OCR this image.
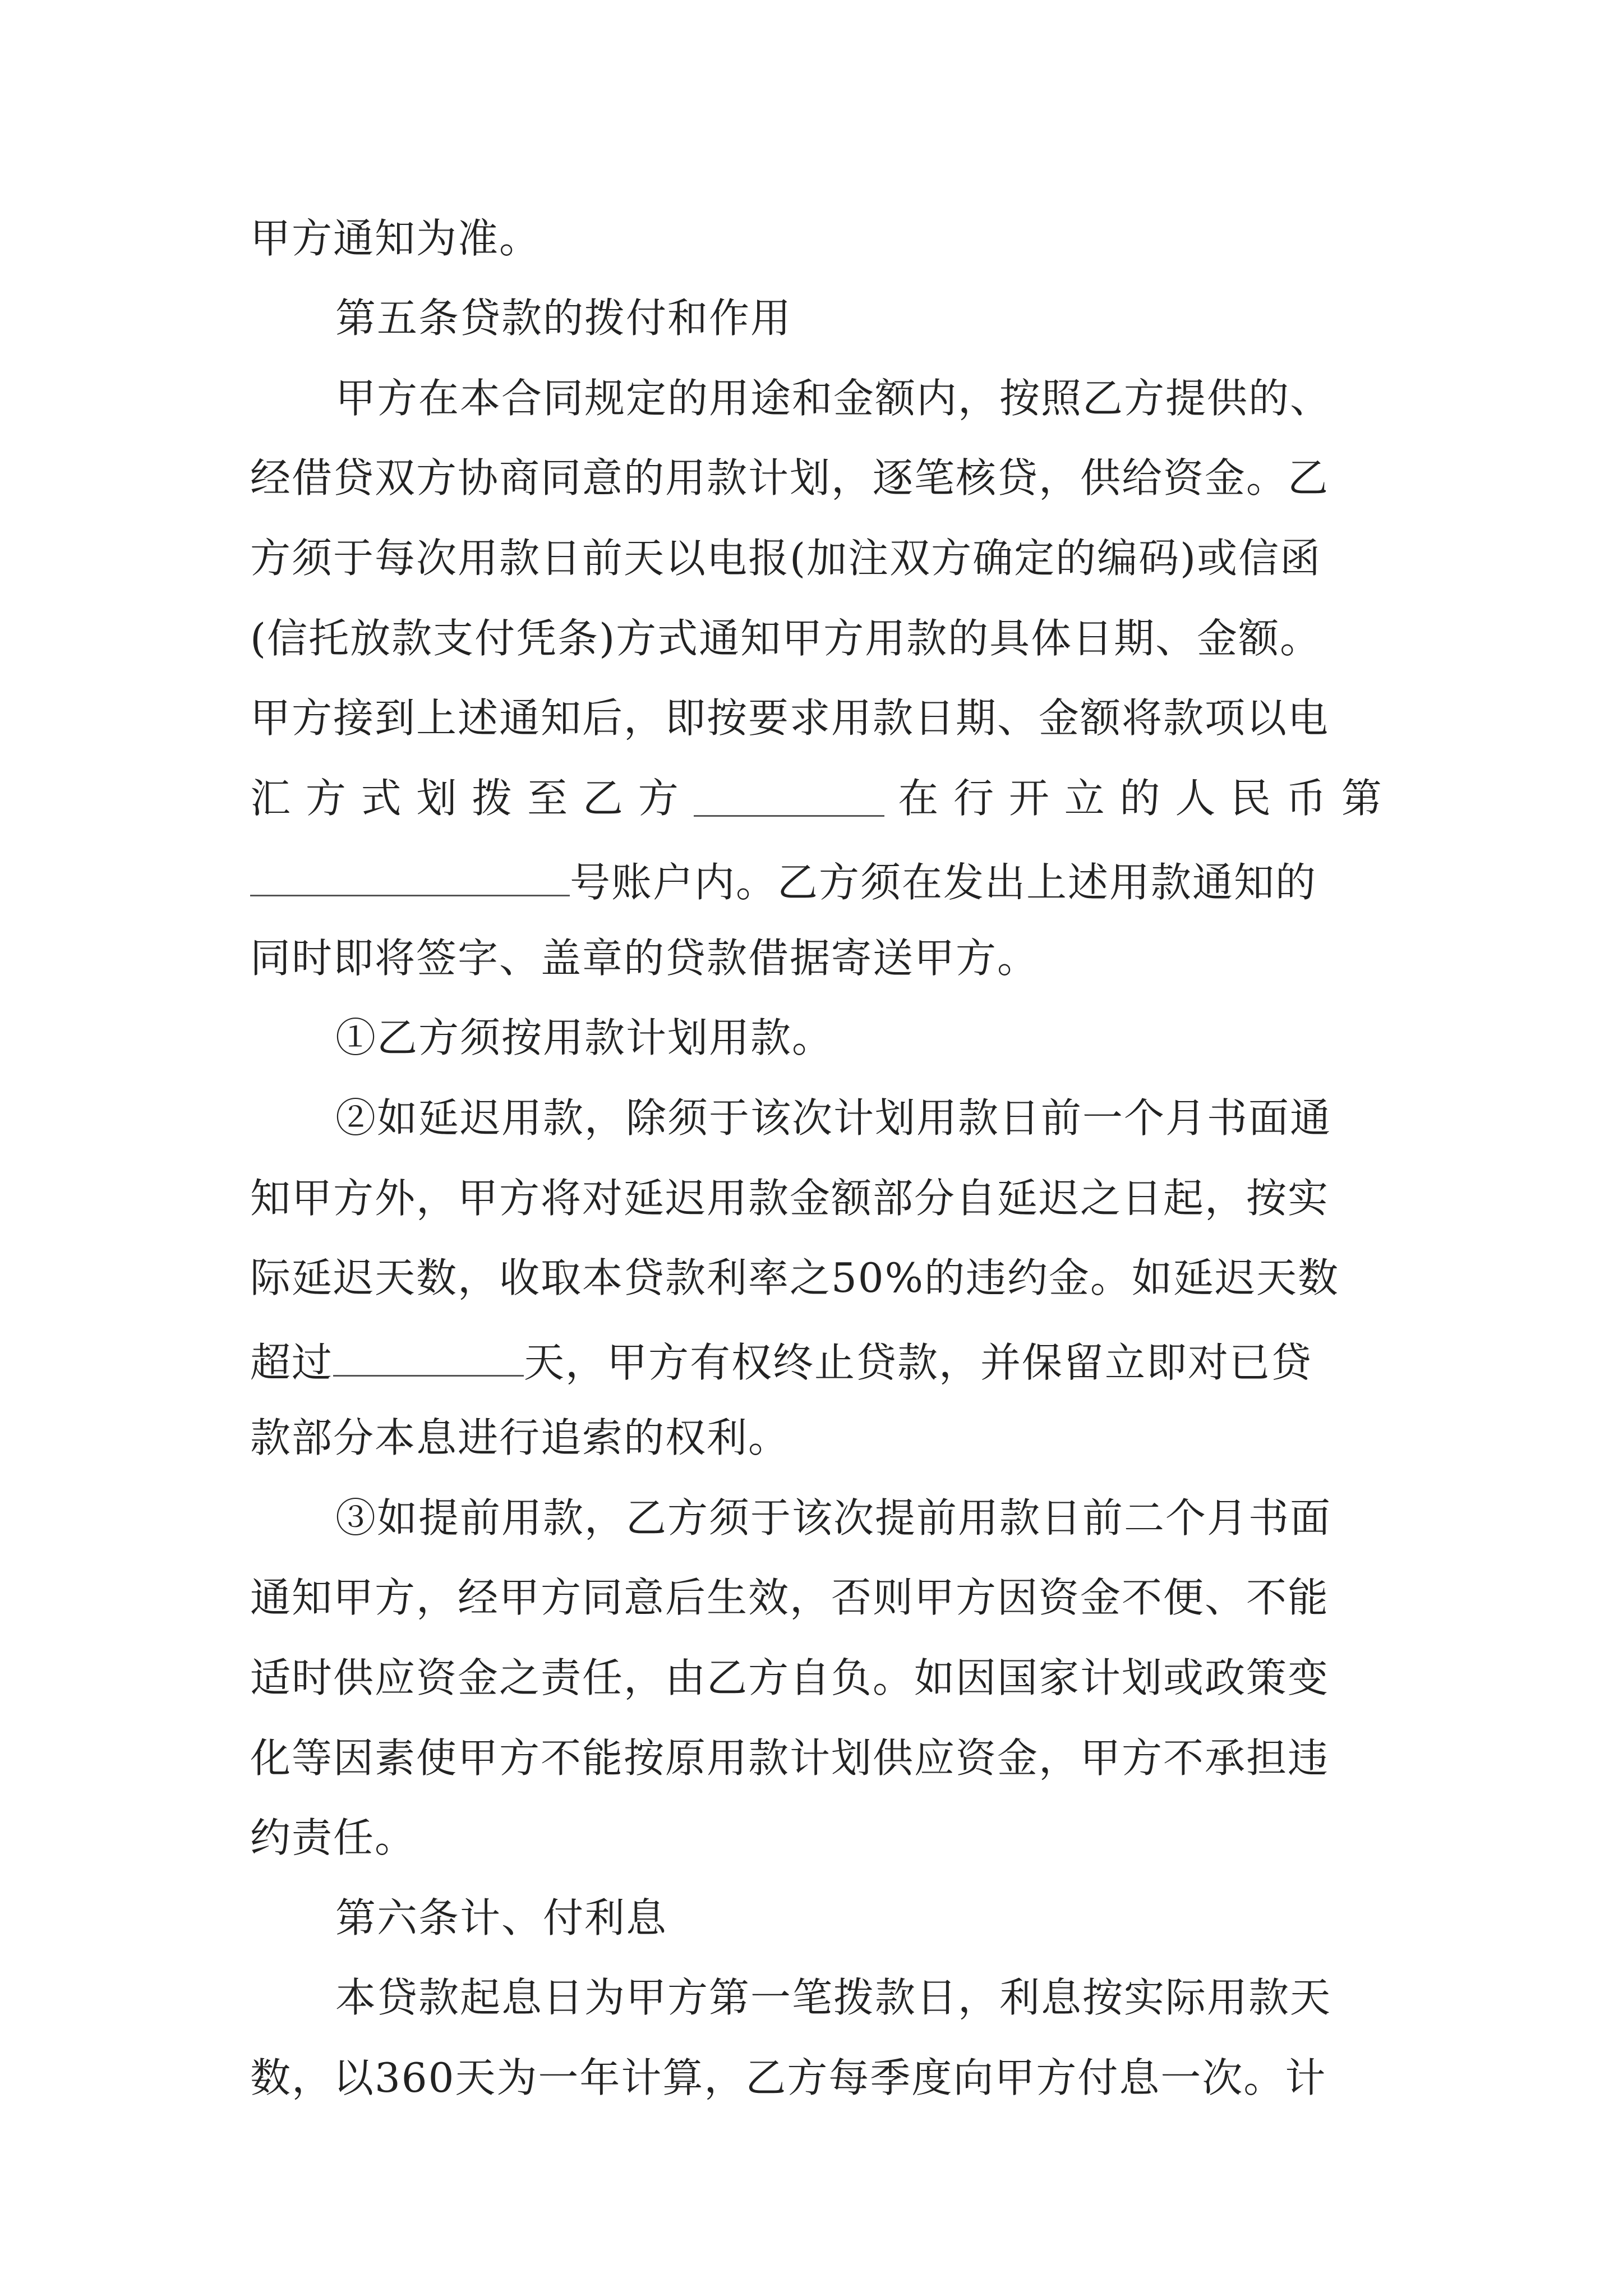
甲方通知为准。
第五条贷款的拨付和作用
甲方在本合同规定的用途和金额内，按照乙方提供的、
经借贷双方协商同意的用款计划，逐笔核贷，供给资金。乙
方须于每次用款日前天以电报(加注双方确定的编码)或信函
(信托放款支付凭条)方式通知甲方用款的具体日期、金额。
甲方接到上述通知后，即按要求用款日期、金额将款项以电
汇 方 式 划 拨 至 乙 方	在 行 开 立 的 人 民 币 第
号账户内。乙方须在发出上述用款通知的
同时即将签字、盖章的贷款借据寄送甲方。
①乙方须按用款计划用款。
②如延迟用款，除须于该次计划用款日前一个月书面通
知甲方外，甲方将对延迟用款金额部分自延迟之日起，按实
际延迟天数，收取本贷款利率之50%的违约金。如延迟天数
超过	天，甲方有权终止贷款，并保留立即对已贷
款部分本息进行追索的权利。
③如提前用款，乙方须于该次提前用款日前二个月书面
通知甲方，经甲方同意后生效，否则甲方因资金不便、不能
适时供应资金之责任，由乙方自负。如因国家计划或政策变
化等因素使甲方不能按原用款计划供应资金，甲方不承担违
约责任。
第六条计、付利息
本贷款起息日为甲方第一笔拨款日，利息按实际用款天
数，以360天为一年计算，乙方每季度向甲方付息一次。计
